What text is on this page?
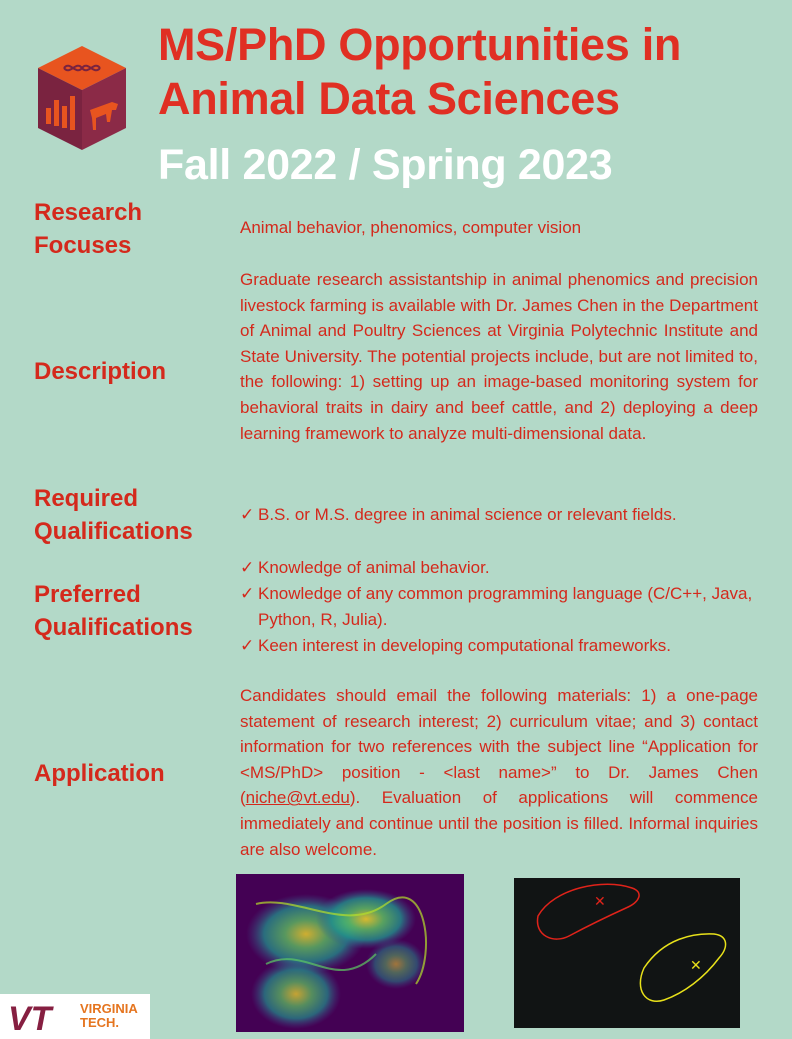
MS/PhD Opportunities in
Animal Data Sciences
Fall 2022 / Spring 2023
Research
Focuses
Animal behavior, phenomics, computer vision
Description
Graduate research assistantship in animal phenomics and precision livestock farming is available with Dr. James Chen in the Department of Animal and Poultry Sciences at Virginia Polytechnic Institute and State University. The potential projects include, but are not limited to, the following: 1) setting up an image-based monitoring system for behavioral traits in dairy and beef cattle, and 2) deploying a deep learning framework to analyze multi-dimensional data.
Required
Qualifications
✓ B.S. or M.S. degree in animal science or relevant fields.
Preferred
Qualifications
✓ Knowledge of animal behavior.
✓ Knowledge of any common programming language (C/C++, Java, Python, R, Julia).
✓ Keen interest in developing computational frameworks.
Application
Candidates should email the following materials: 1) a one-page statement of research interest; 2) curriculum vitae; and 3) contact information for two references with the subject line “Application for <MS/PhD> position - <last name>” to Dr. James Chen (niche@vt.edu). Evaluation of applications will commence immediately and continue until the position is filled. Informal inquiries are also welcome.
✕
✕
VT VIRGINIA
TECH.
